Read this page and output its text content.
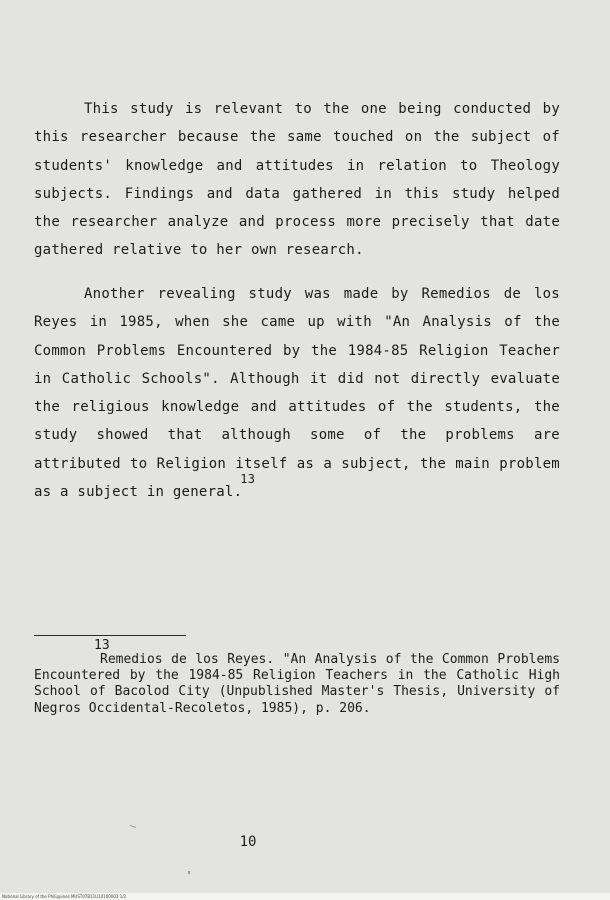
This study is relevant to the one being conducted by this researcher because the same touched on the subject of students' knowledge and attitudes in relation to Theology subjects. Findings and data gathered in this study helped the researcher analyze and process more precisely that date gathered relative to her own research.

Another revealing study was made by Remedios de los Reyes in 1985, when she came up with "An Analysis of the Common Problems Encountered by the 1984-85 Religion Teacher in Catholic Schools". Although it did not directly evaluate the religious knowledge and attitudes of the students, the study showed that although some of the problems are attributed to Religion itself as a subject, the main problem as a subject in general.13

13

Remedios de los Reyes. "An Analysis of the Common Problems Encountered by the 1984-85 Religion Teachers in the Catholic High School of Bacolod City (Unpublished Master's Thesis, University of Negros Occidental-Recoletos, 1985), p. 206.

10
National Library of the Philippines MUST0TB11U10100003 1/2
